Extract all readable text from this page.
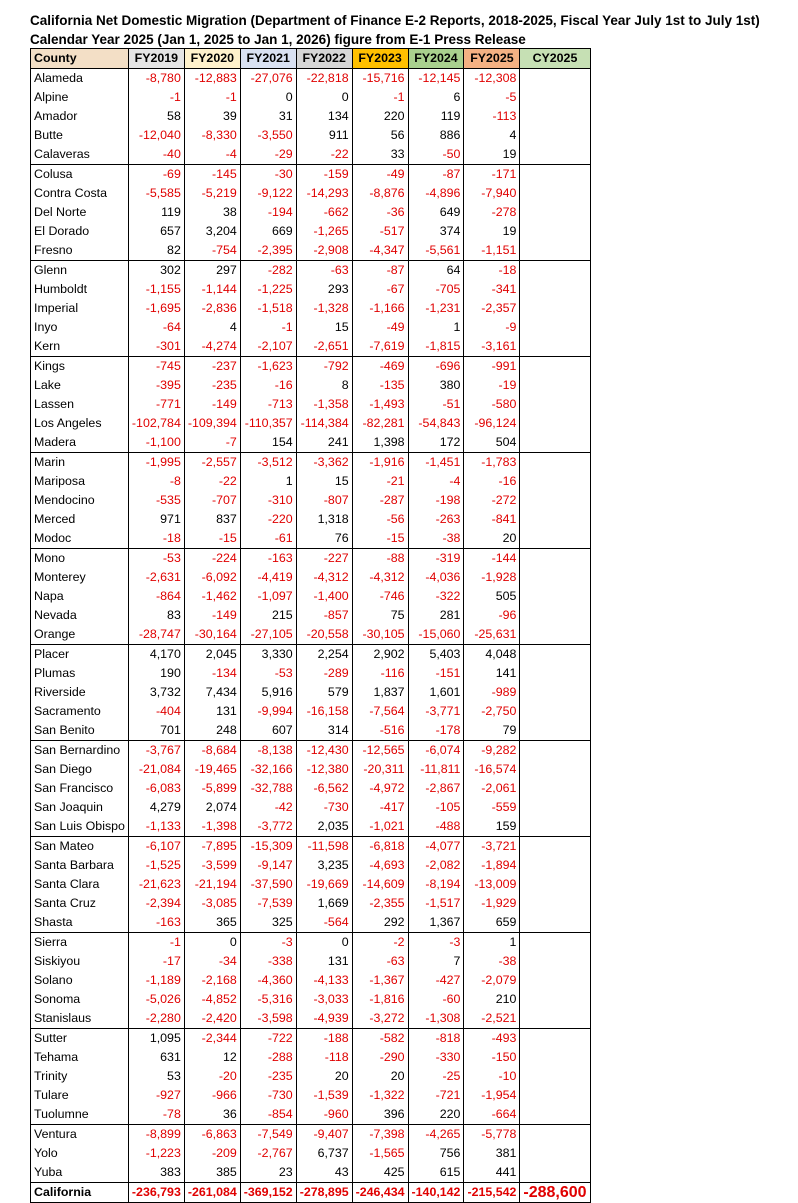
California Net Domestic Migration (Department of Finance E-2 Reports, 2018-2025, Fiscal Year July 1st to July 1st)
Calendar Year 2025 (Jan 1, 2025 to Jan 1, 2026) figure from E-1 Press Release
County	FY2019	FY2020	FY2021	FY2022	FY2023	FY2024	FY2025	CY2025
Alameda	-8,780	-12,883	-27,076	-22,818	-15,716	-12,145	-12,308	
Alpine	-1	-1	0	0	-1	6	-5	
Amador	58	39	31	134	220	119	-113	
Butte	-12,040	-8,330	-3,550	911	56	886	4	
Calaveras	-40	-4	-29	-22	33	-50	19	
Colusa	-69	-145	-30	-159	-49	-87	-171	
Contra Costa	-5,585	-5,219	-9,122	-14,293	-8,876	-4,896	-7,940	
Del Norte	119	38	-194	-662	-36	649	-278	
El Dorado	657	3,204	669	-1,265	-517	374	19	
Fresno	82	-754	-2,395	-2,908	-4,347	-5,561	-1,151	
Glenn	302	297	-282	-63	-87	64	-18	
Humboldt	-1,155	-1,144	-1,225	293	-67	-705	-341	
Imperial	-1,695	-2,836	-1,518	-1,328	-1,166	-1,231	-2,357	
Inyo	-64	4	-1	15	-49	1	-9	
Kern	-301	-4,274	-2,107	-2,651	-7,619	-1,815	-3,161	
Kings	-745	-237	-1,623	-792	-469	-696	-991	
Lake	-395	-235	-16	8	-135	380	-19	
Lassen	-771	-149	-713	-1,358	-1,493	-51	-580	
Los Angeles	-102,784	-109,394	-110,357	-114,384	-82,281	-54,843	-96,124	
Madera	-1,100	-7	154	241	1,398	172	504	
Marin	-1,995	-2,557	-3,512	-3,362	-1,916	-1,451	-1,783	
Mariposa	-8	-22	1	15	-21	-4	-16	
Mendocino	-535	-707	-310	-807	-287	-198	-272	
Merced	971	837	-220	1,318	-56	-263	-841	
Modoc	-18	-15	-61	76	-15	-38	20	
Mono	-53	-224	-163	-227	-88	-319	-144	
Monterey	-2,631	-6,092	-4,419	-4,312	-4,312	-4,036	-1,928	
Napa	-864	-1,462	-1,097	-1,400	-746	-322	505	
Nevada	83	-149	215	-857	75	281	-96	
Orange	-28,747	-30,164	-27,105	-20,558	-30,105	-15,060	-25,631	
Placer	4,170	2,045	3,330	2,254	2,902	5,403	4,048	
Plumas	190	-134	-53	-289	-116	-151	141	
Riverside	3,732	7,434	5,916	579	1,837	1,601	-989	
Sacramento	-404	131	-9,994	-16,158	-7,564	-3,771	-2,750	
San Benito	701	248	607	314	-516	-178	79	
San Bernardino	-3,767	-8,684	-8,138	-12,430	-12,565	-6,074	-9,282	
San Diego	-21,084	-19,465	-32,166	-12,380	-20,311	-11,811	-16,574	
San Francisco	-6,083	-5,899	-32,788	-6,562	-4,972	-2,867	-2,061	
San Joaquin	4,279	2,074	-42	-730	-417	-105	-559	
San Luis Obispo	-1,133	-1,398	-3,772	2,035	-1,021	-488	159	
San Mateo	-6,107	-7,895	-15,309	-11,598	-6,818	-4,077	-3,721	
Santa Barbara	-1,525	-3,599	-9,147	3,235	-4,693	-2,082	-1,894	
Santa Clara	-21,623	-21,194	-37,590	-19,669	-14,609	-8,194	-13,009	
Santa Cruz	-2,394	-3,085	-7,539	1,669	-2,355	-1,517	-1,929	
Shasta	-163	365	325	-564	292	1,367	659	
Sierra	-1	0	-3	0	-2	-3	1	
Siskiyou	-17	-34	-338	131	-63	7	-38	
Solano	-1,189	-2,168	-4,360	-4,133	-1,367	-427	-2,079	
Sonoma	-5,026	-4,852	-5,316	-3,033	-1,816	-60	210	
Stanislaus	-2,280	-2,420	-3,598	-4,939	-3,272	-1,308	-2,521	
Sutter	1,095	-2,344	-722	-188	-582	-818	-493	
Tehama	631	12	-288	-118	-290	-330	-150	
Trinity	53	-20	-235	20	20	-25	-10	
Tulare	-927	-966	-730	-1,539	-1,322	-721	-1,954	
Tuolumne	-78	36	-854	-960	396	220	-664	
Ventura	-8,899	-6,863	-7,549	-9,407	-7,398	-4,265	-5,778	
Yolo	-1,223	-209	-2,767	6,737	-1,565	756	381	
Yuba	383	385	23	43	425	615	441	
California	-236,793	-261,084	-369,152	-278,895	-246,434	-140,142	-215,542	-288,600
